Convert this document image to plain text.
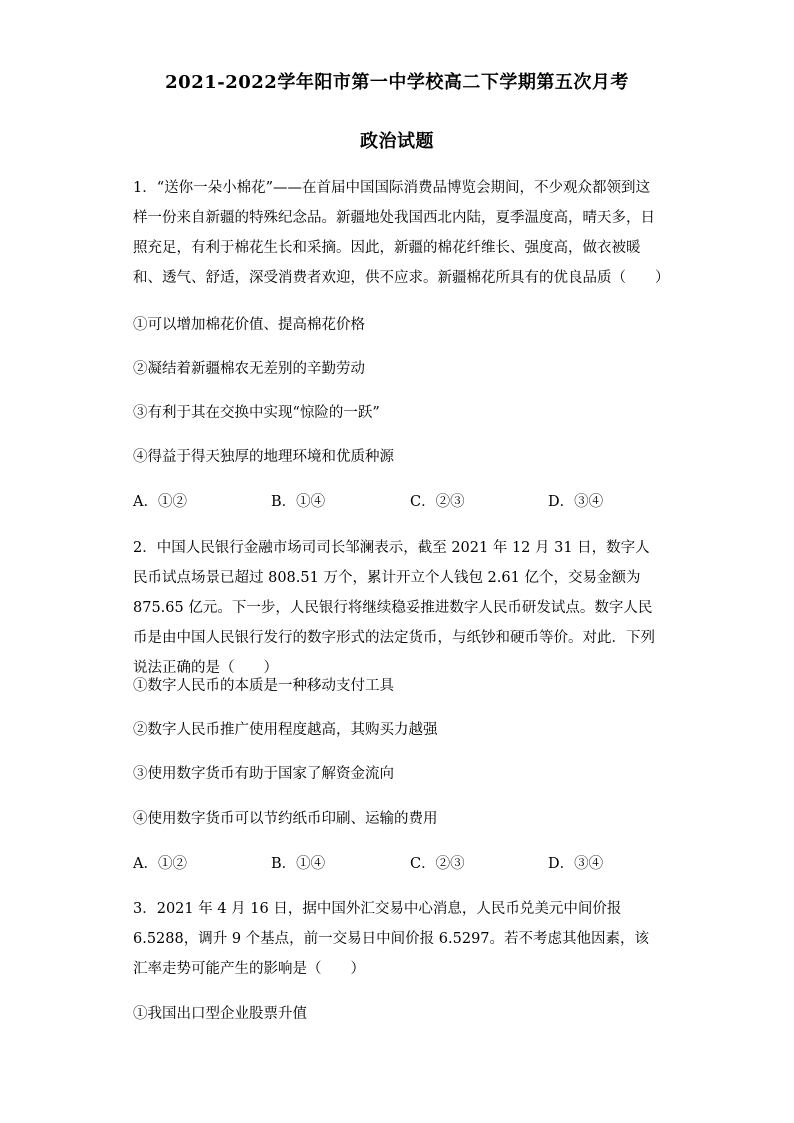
2021-2022学年阳市第一中学校高二下学期第五次月考
政治试题
1．“送你一朵小棉花”——在首届中国国际消费品博览会期间，不少观众都领到这样一份来自新疆的特殊纪念品。新疆地处我国西北内陆，夏季温度高，晴天多，日照充足，有利于棉花生长和采摘。因此，新疆的棉花纤维长、强度高，做衣被暖和、透气、舒适，深受消费者欢迎，供不应求。新疆棉花所具有的优良品质（　　）
①可以增加棉花价值、提高棉花价格
②凝结着新疆棉农无差别的辛勤劳动
③有利于其在交换中实现“惊险的一跃”
④得益于得天独厚的地理环境和优质种源
A．①②	B．①④	C．②③	D．③④
2．中国人民银行金融市场司司长邹澜表示，截至 2021 年 12 月 31 日，数字人民币试点场景已超过 808.51 万个，累计开立个人钱包 2.61 亿个，交易金额为 875.65 亿元。下一步，人民银行将继续稳妥推进数字人民币研发试点。数字人民币是由中国人民银行发行的数字形式的法定货币，与纸钞和硬币等价。对此．下列说法正确的是（　　）
①数字人民币的本质是一种移动支付工具
②数字人民币推广使用程度越高，其购买力越强
③使用数字货币有助于国家了解资金流向
④使用数字货币可以节约纸币印刷、运输的费用
A．①②	B．①④	C．②③	D．③④
3．2021 年 4 月 16 日，据中国外汇交易中心消息，人民币兑美元中间价报 6.5288，调升 9 个基点，前一交易日中间价报 6.5297。若不考虑其他因素，该汇率走势可能产生的影响是（　　）
①我国出口型企业股票升值
